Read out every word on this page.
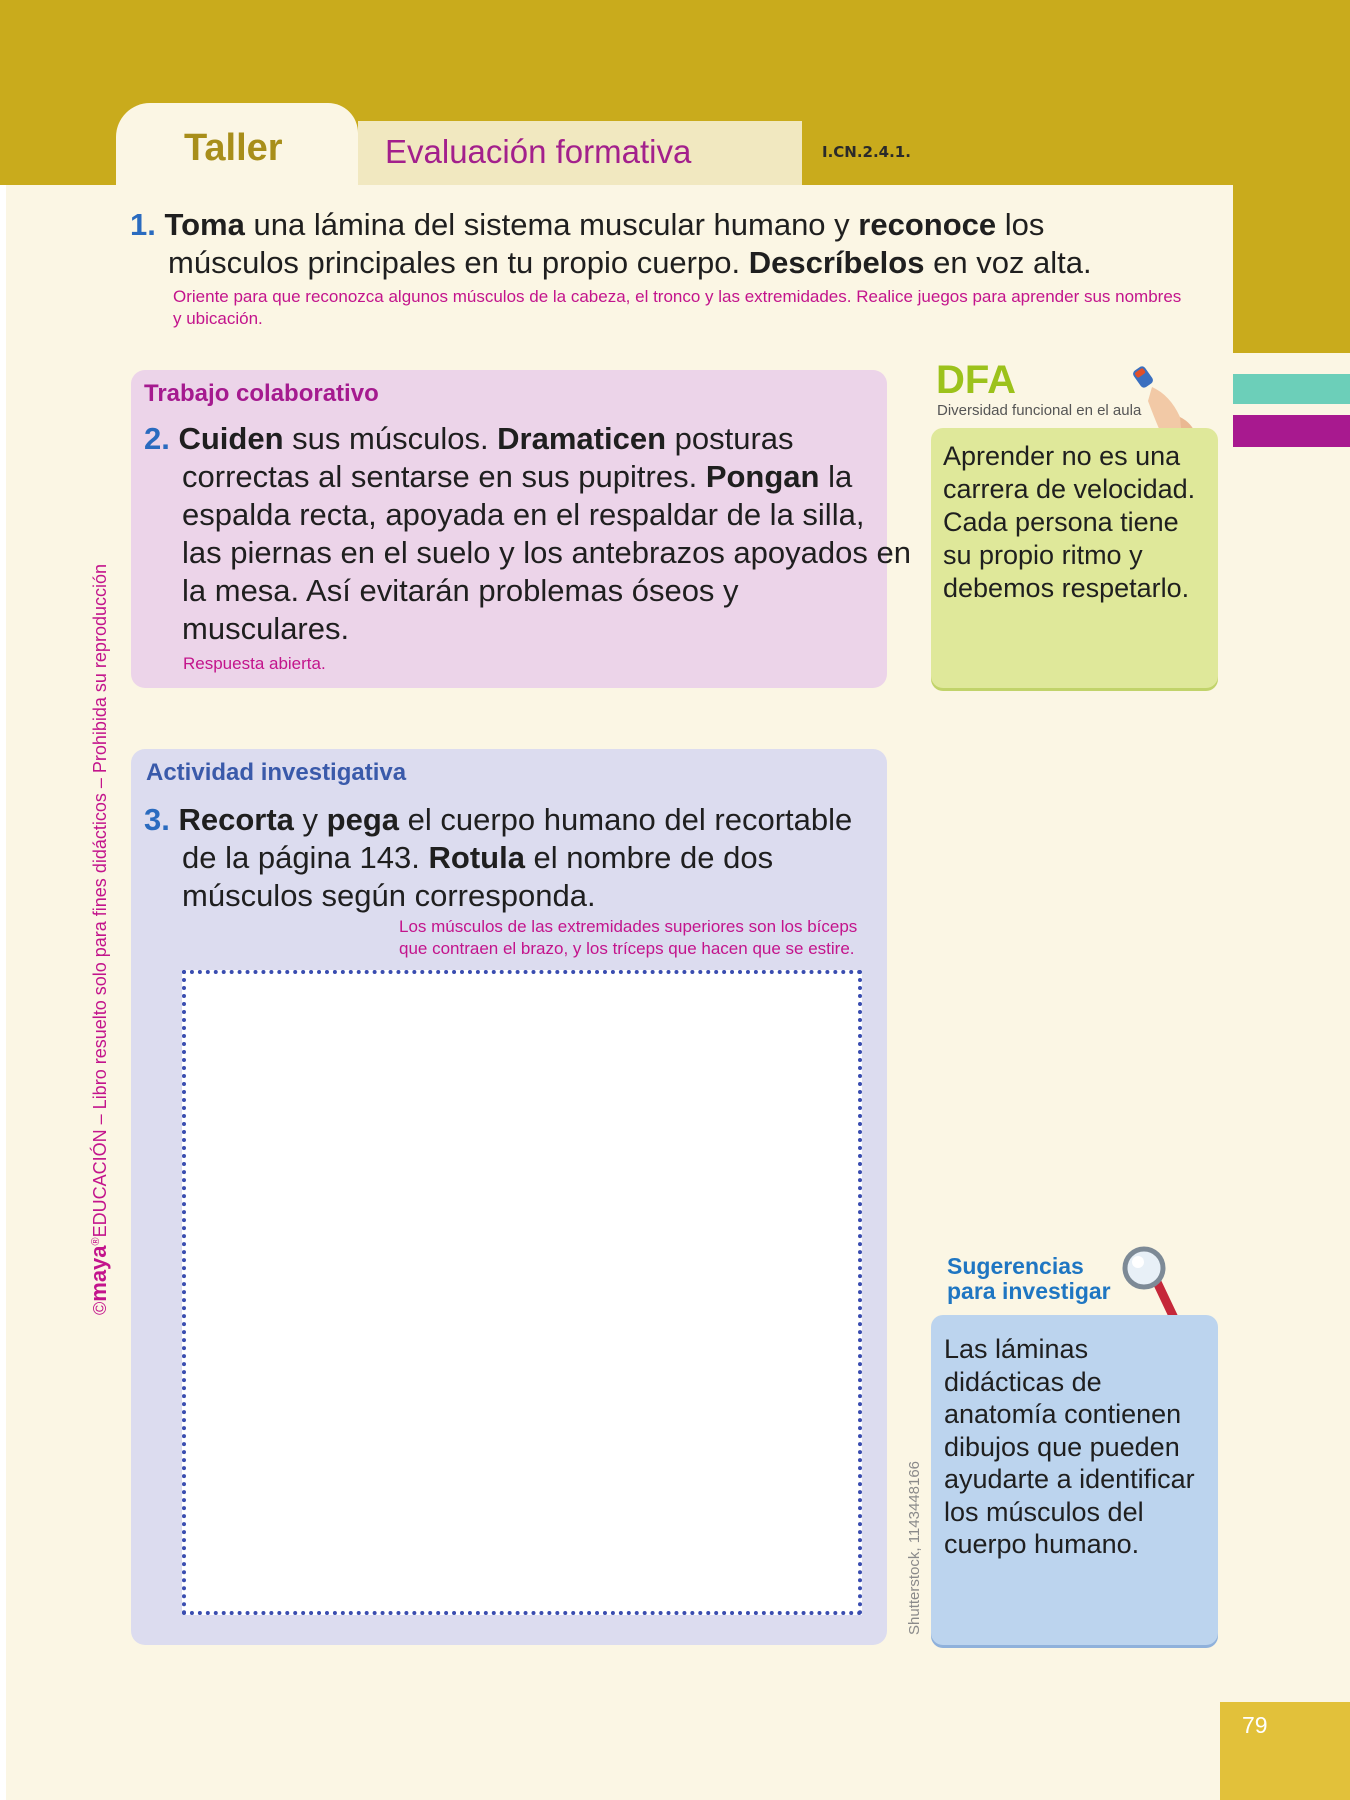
Taller	Evaluación formativa	I.CN.2.4.1.
1. Toma una lámina del sistema muscular humano y reconoce los
músculos principales en tu propio cuerpo. Descríbelos en voz alta.
Oriente para que reconozca algunos músculos de la cabeza, el tronco y las extremidades. Realice juegos para aprender sus nombres y ubicación.
Trabajo colaborativo
2. Cuiden sus músculos. Dramaticen posturas correctas al sentarse en sus pupitres. Pongan la espalda recta, apoyada en el respaldar de la silla, las piernas en el suelo y los antebrazos apoyados en la mesa. Así evitarán problemas óseos y musculares.
Respuesta abierta.
DFA
Diversidad funcional en el aula
Aprender no es una carrera de velocidad. Cada persona tiene su propio ritmo y debemos respetarlo.
Actividad investigativa
3. Recorta y pega el cuerpo humano del recortable de la página 143. Rotula el nombre de dos músculos según corresponda.
Los músculos de las extremidades superiores son los bíceps que contraen el brazo, y los tríceps que hacen que se estire.
Sugerencias
para investigar
Las láminas didácticas de anatomía contienen dibujos que pueden ayudarte a identificar los músculos del cuerpo humano.
Shutterstock, 1143448166
©maya®EDUCACIÓN – Libro resuelto solo para fines didácticos – Prohibida su reproducción
79
